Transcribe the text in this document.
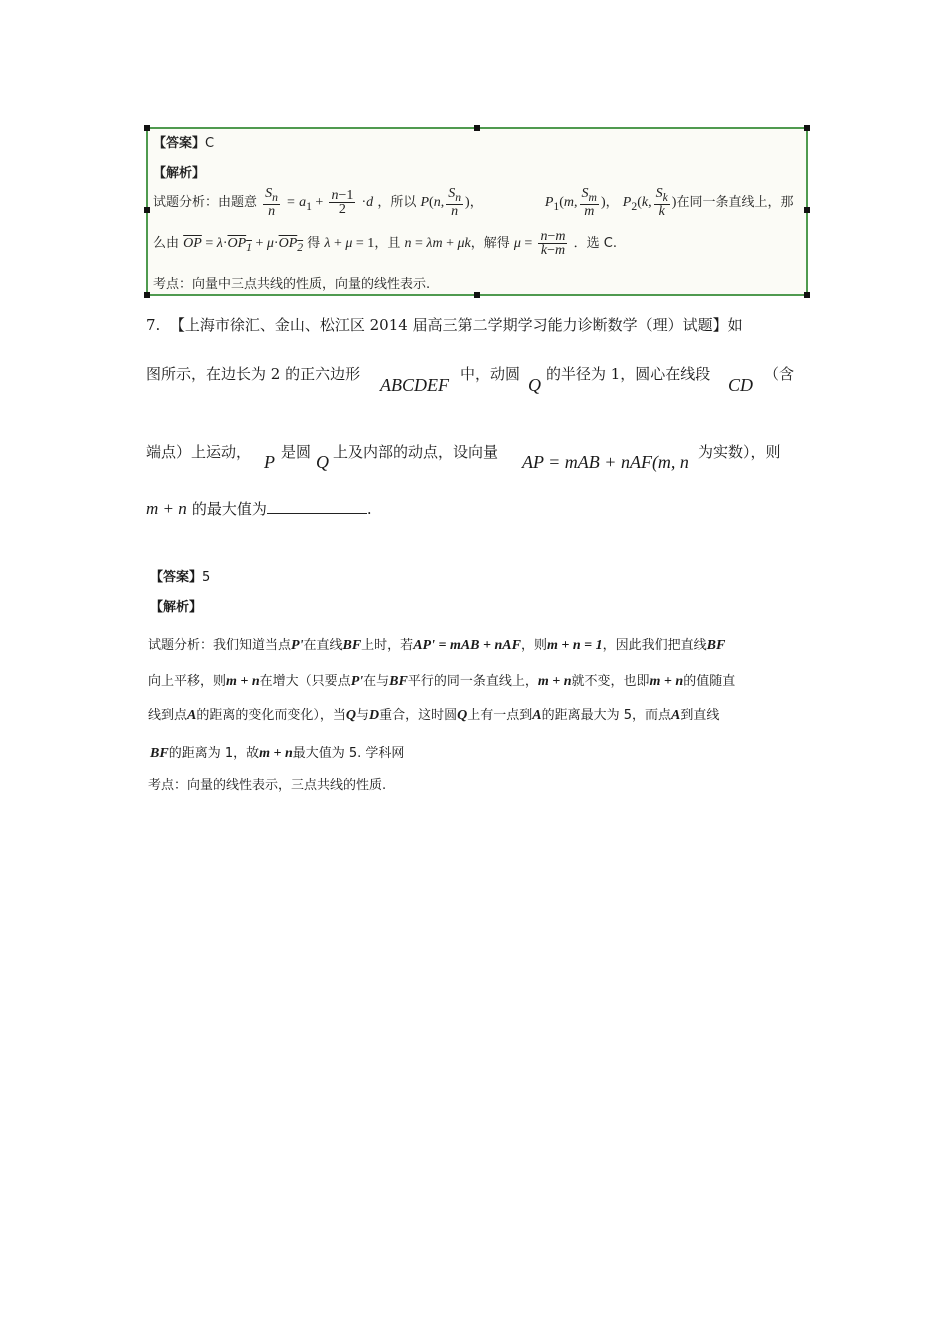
【答案】C
【解析】
试题分析：由题意 $\frac{S_n}{n} = a_1 + \frac{n-1}{2} \cdot d$ ，所以 P(n, $\frac{S_n}{n}$ )，	$P_1(m$, $\frac{S_m}{m}$ )， $P_2(k$, $\frac{S_k}{k}$ )在同一条直线上，那
么由 $\overline{OP} = \lambda\cdot OP_1 + \mu\cdot OP_2$ 得 λ + μ = 1，且 n = λm + μk，解得 $\mu = \frac{n-m}{k-m}$ ．选 C.
考点：向量中三点共线的性质，向量的线性表示.
7. 【上海市徐汇、金山、松江区 2014 届高三第二学期学习能力诊断数学（理）试题】如
图所示，在边长为 2 的正六边形
ABCDEF
中，动圆
Q
的半径为 1，圆心在线段
CD
（含
端点）上运动， P 是圆 Q 上及内部的动点，设向量 AP = mAB + nAF(m, n 为实数），则
m + n 的最大值为	.
【答案】5
【解析】
试题分析：我们知道当点P'在直线BF上时，若AP' = mAB + nAF，则m + n = 1，因此我们把直线BF
向上平移，则m + n在增大（只要点P'在与BF平行的同一条直线上，m + n就不变，也即m + n的值随直
线到点A的距离的变化而变化），当Q与D重合，这时圆Q上有一点到A的距离最大为 5，而点A到直线
BF的距离为 1，故m + n最大值为 5. 学科网
考点：向量的线性表示，三点共线的性质.
